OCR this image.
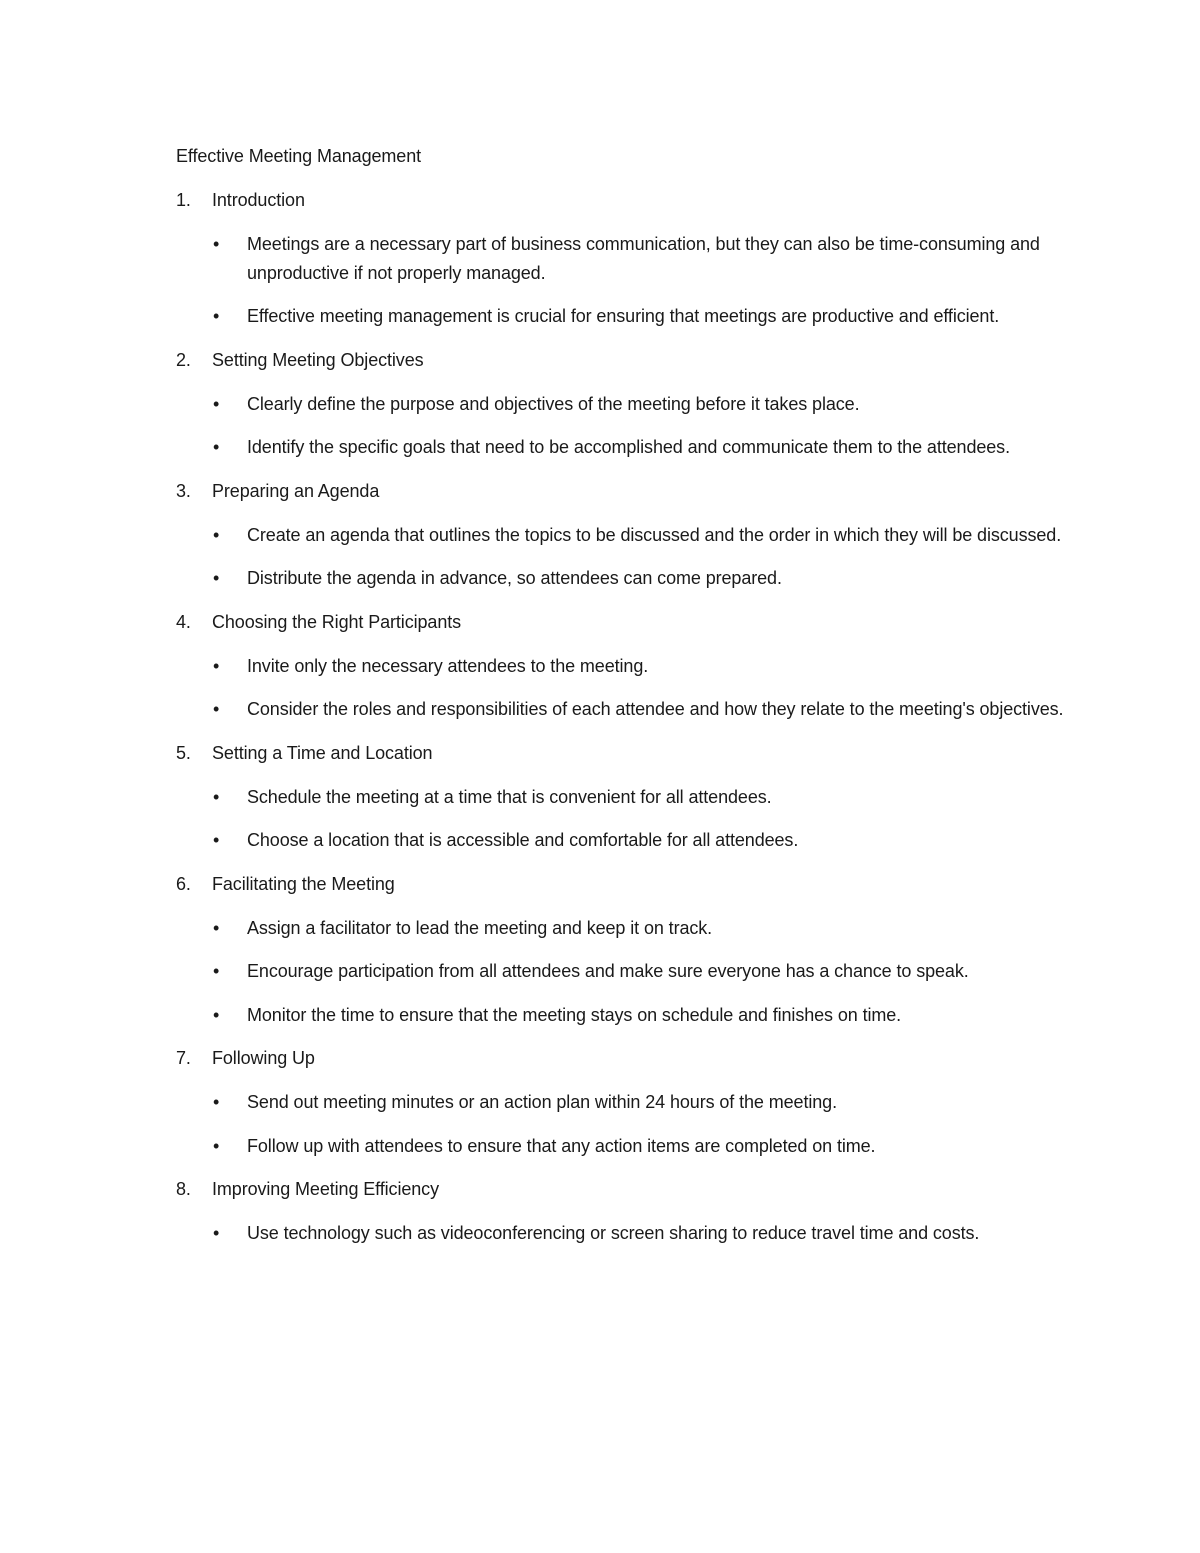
Effective Meeting Management
1. Introduction
• Meetings are a necessary part of business communication, but they can also be time-consuming and unproductive if not properly managed.
• Effective meeting management is crucial for ensuring that meetings are productive and efficient.
2. Setting Meeting Objectives
• Clearly define the purpose and objectives of the meeting before it takes place.
• Identify the specific goals that need to be accomplished and communicate them to the attendees.
3. Preparing an Agenda
• Create an agenda that outlines the topics to be discussed and the order in which they will be discussed.
• Distribute the agenda in advance, so attendees can come prepared.
4. Choosing the Right Participants
• Invite only the necessary attendees to the meeting.
• Consider the roles and responsibilities of each attendee and how they relate to the meeting's objectives.
5. Setting a Time and Location
• Schedule the meeting at a time that is convenient for all attendees.
• Choose a location that is accessible and comfortable for all attendees.
6. Facilitating the Meeting
• Assign a facilitator to lead the meeting and keep it on track.
• Encourage participation from all attendees and make sure everyone has a chance to speak.
• Monitor the time to ensure that the meeting stays on schedule and finishes on time.
7. Following Up
• Send out meeting minutes or an action plan within 24 hours of the meeting.
• Follow up with attendees to ensure that any action items are completed on time.
8. Improving Meeting Efficiency
• Use technology such as videoconferencing or screen sharing to reduce travel time and costs.
